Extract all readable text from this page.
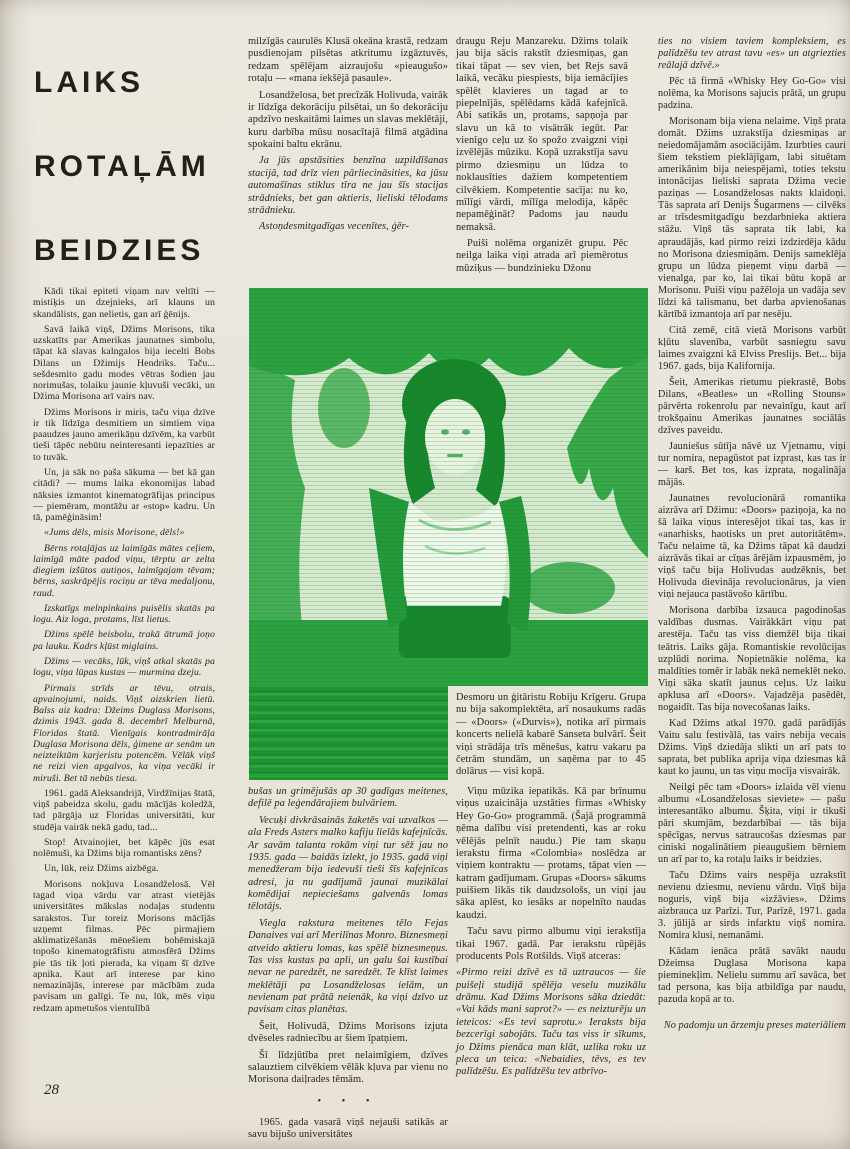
LAIKS
ROTAĻĀM
BEIDZIES

Kādi tikai epiteti viņam nav veltīti — mistiķis un dzejnieks, arī klauns un skandālists, gan nelietis, gan arī ģēnijs.

Savā laikā viņš, Džims Morisons, tika uzskatīts par Amerikas jaunatnes simbolu, tāpat kā slavas kalngalos bija iecelti Bobs Dilans un Džimijs Hendriks. Taču... sešdesmito gadu modes vētras šodien jau norimušas, tolaiku jaunie kļuvuši vecāki, un Džima Morisona arī vairs nav.

Džims Morisons ir miris, taču viņa dzīve ir tik līdzīga desmitiem un simtiem viņa paaudzes jauno amerikāņu dzīvēm, ka varbūt tieši tāpēc nebūtu neinteresanti iepazīties ar to tuvāk.

Un, ja sāk no paša sākuma — bet kā gan citādi? — mums laika ekonomijas labad nāksies izmantot kinematogrāfijas principus — piemēram, montāžu ar «stop» kadru. Un tā, pamēģināsim!

«Jums dēls, misis Morisone, dēls!»

Bērns rotaļājas uz laimīgās mātes ceļiem, laimīgā māte padod viņu, tērptu ar zelta diegiem izšūtos autiņos, laimīgajam tēvam; bērns, saskrāpējis rociņu ar tēva medaljonu, raud.

Izskatīgs melnpinkains puisēlis skatās pa logu. Aiz loga, protams, līst lietus.

Džims spēlē beisbolu, trakā ātrumā joņo pa lauku. Kadrs kļūst miglains.

Džims — vecāks, lūk, viņš atkal skatās pa logu, viņa lūpas kustas — murmina dzeju.

Pirmais strīds ar tēvu, otrais, apvainojumi, naids. Viņš aizskrien lietū. Balss aiz kadra: Džeims Duglass Morisons, dzimis 1943. gada 8. decembrī Melburnā, Floridas štatā. Vienīgais kontradmirāļa Duglasa Morisona dēls, ģimene ar senām un neizteiktām karjeristu potencēm. Vēlāk viņš ne reizi vien apgalvos, ka viņa vecāki ir miruši. Bet tā nebūs tiesa.

1961. gadā Aleksandrijā, Virdžīnijas štatā, viņš pabeidza skolu, gadu mācījās koledžā, tad pārgāja uz Floridas universitāti, kur studēja vairāk nekā gadu, tad...

Stop! Atvainojiet, bet kāpēc jūs esat nolēmuši, ka Džims bija romantisks zēns?

Un, lūk, reiz Džims aizbēga.

Morisons nokļuva Losandželosā. Vēl tagad viņa vārdu var atrast vietējās universitātes mākslas nodaļas studentu sarakstos. Tur toreiz Morisons mācījās uzņemt filmas. Pēc pirmajiem aklimatizēšanās mēnešiem bohēmiskajā topošo kinematogrāfistu atmosfērā Džims pie tās tik ļoti pierada, ka viņam šī dzīve apnika. Kaut arī interese par kino nemazinājās, interese par mācībām zuda pavisam un galīgi. Te nu, lūk, mēs viņu redzam apmetušos vientulībā

milzīgās caurulēs Klusā okeāna krastā, redzam pusdienojam pilsētas atkritumu izgāztuvēs, redzam spēlējam aizraujošu «pieaugušo» rotaļu — «mana iekšējā pasaule».

Losandželosa, bet precīzāk Holivuda, vairāk ir līdzīga dekorāciju pilsētai, un šo dekorāciju apdzīvo neskaitāmi laimes un slavas meklētāji, kuru darbība mūsu nosacītajā filmā atgādina spokaini baltu ekrānu.

Ja jūs apstāsities benzīna uzpildīšanas stacijā, tad drīz vien pārliecināsities, ka jūsu automašīnas stiklus tīra ne jau šīs stacijas strādnieks, bet gan aktieris, lieliski tēlodams strādnieku.

Astoņdesmitgadīgas vecenītes, ģēr-

draugu Reju Manzareku. Džims tolaik jau bija sācis rakstīt dziesmiņas, gan tikai tāpat — sev vien, bet Rejs savā laikā, vecāku piespiests, bija iemācījies spēlēt klavieres un tagad ar to piepelnījās, spēlēdams kādā kafejnīcā. Abi satikās un, protams, sapņoja par slavu un kā to visātrāk iegūt. Par vienīgo ceļu uz šo spožo zvaigzni viņi izvēlējās mūziku. Kopā uzrakstīja savu pirmo dziesmiņu un lūdza to noklausīties dažiem kompetentiem cilvēkiem. Kompetentie sacīja: nu ko, mīlīgi vārdi, mīlīga melodija, kāpēc nepamēģināt? Padoms jau naudu nemaksā.

Puiši nolēma organizēt grupu. Pēc neilga laika viņi atrada arī piemērotus mūziķus — bundzinieku Džonu

ties no visiem taviem kompleksiem, es palīdzēšu tev atrast tavu «es» un atgriezties reālajā dzīvē.»

Pēc tā firmā «Whisky Hey Go-Go» visi nolēma, ka Morisons sajucis prātā, un grupu padzina.

Morisonam bija viena nelaime. Viņš prata domāt. Džims uzrakstīja dziesmiņas ar neiedomājamām asociācijām. Izurbties cauri šiem tekstiem pieklājīgam, labi situētam amerikānim bija neiespējami, toties tekstu intonācijas lieliski saprata Džima vecie paziņas — Losandželosas nakts klaidoņi. Tās saprata arī Denijs Šugarmens — cilvēks ar trīsdesmitgadīgu bezdarbnieka aktiera stāžu. Viņš tās saprata tik labi, ka apraudājās, kad pirmo reizi izdzirdēja kādu no Morisona dziesmiņām. Denijs sameklēja grupu un lūdza pieņemt viņu darbā — vienalga, par ko, lai tikai būtu kopā ar Morisonu. Puiši viņu pažēloja un vadāja sev līdzi kā talismanu, bet darba apvienošanas kārtībā izmantoja arī par nesēju.

Citā zemē, citā vietā Morisons varbūt kļūtu slavenība, varbūt sasniegtu savu laimes zvaigzni kā Elviss Preslijs. Bet... bija 1967. gads, bija Kalifornija.

Šeit, Amerikas rietumu piekrastē, Bobs Dilans, «Beatles» un «Rolling Stouns» pārvērta rokenrolu par nevainīgu, kaut arī trokšņainu Amerikas jaunatnes sociālās dzīves paveidu.

Jauniešus sūtīja nāvē uz Vjetnamu, viņi tur nomira, nepagūstot pat izprast, kas tas ir — karš. Bet tos, kas izprata, nogalināja mājās.

Jaunatnes revolucionārā romantika aizrāva arī Džimu: «Doors» paziņoja, ka no šā laika viņus interesējot tikai tas, kas ir «anarhisks, haotisks un pret autoritātēm». Taču nelaime tā, ka Džims tāpat kā daudzi aizrāvās tikai ar cīņas ārējām izpausmēm, jo viņš taču bija Holivudas audzēknis, bet Holivuda dievināja revolucionārus, ja vien viņi nejauca pastāvošo kārtību.

Morisona darbība izsauca pagodinošas valdības dusmas. Vairākkārt viņu pat arestēja. Taču tas viss diemžēl bija tikai teātris. Laiks gāja. Romantiskie revolūcijas uzplūdi norima. Nopietnākie nolēma, ka maldīties tomēr ir labāk nekā nemeklēt neko. Viņi sāka skatīt jaunus ceļus. Uz laiku apklusa arī «Doors». Vajadzēja pasēdēt, nogaidīt. Tas bija novecošanas laiks.

Kad Džims atkal 1970. gadā parādījās Vaitu salu festivālā, tas vairs nebija vecais Džims. Viņš dziedāja slikti un arī pats to saprata, bet publika aprija viņa dziesmas kā kaut ko jaunu, un tas viņu mocīja visvairāk.

Neilgi pēc tam «Doors» izlaida vēl vienu albumu «Losandželosas sieviete» — pašu interesantāko albumu. Šķita, viņi ir tikuši pāri skumjām, bezdarbībai — tās bija spēcīgas, nervus satraucošas dziesmas par ciniski nogalinātiem pieaugušiem bērniem un arī par to, ka rotaļu laiks ir beidzies.

Taču Džims vairs nespēja uzrakstīt nevienu dziesmu, nevienu vārdu. Viņš bija noguris, viņš bija «izžāvies». Džims aizbrauca uz Parīzi. Tur, Parīzē, 1971. gada 3. jūlijā ar sirds infarktu viņš nomira. Nomira klusi, nemanāmi.

Kādam ienāca prātā savākt naudu Džeimsa Duglasa Morisona kapa pieminekļim. Nelielu summu arī savāca, bet tad persona, kas bija atbildīga par naudu, pazuda kopā ar to.

No padomju un ārzemju preses materiāliem

Desmoru un ģitāristu Robiju Krīgeru. Grupa nu bija sakomplektēta, arī nosaukums radās — «Doors» («Durvis»), notika arī pirmais koncerts nelielā kabarē Sanseta bulvārī. Šeit viņi strādāja trīs mēnešus, katru vakaru pa četrām stundām, un saņēma par to 45 dolārus — visi kopā.

bušas un grimējušās ap 30 gadīgas meitenes, defilē pa leģendārajiem bulvāriem.

Vecuķi divkrāsainās žaketēs vai uzvalkos — ala Freds Asters malko kafiju lielās kafejnīcās. Ar savām talanta rokām viņi tur sēž jau no 1935. gada — baidās izlekt, jo 1935. gadā viņi menedžeram bija iedevuši tieši šīs kafejnīcas adresi, ja nu gadījumā jaunai muzikālai komēdijai nepieciešams galvenās lomas tēlotājs.

Viegla rakstura meitenes tēlo Fejas Danaives vai arī Merilīnas Monro. Biznesmeņi atveido aktieru lomas, kas spēlē biznesmeņus. Tas viss kustas pa apli, un galu šai kustībai nevar ne paredzēt, ne saredzēt. Te klīst laimes meklētāji pa Losandželosas ielām, un nevienam pat prātā neienāk, ka viņi dzīvo uz pavisam citas planētas.

Šeit, Holivudā, Džims Morisons izjuta dvēseles radniecību ar šiem īpatņiem.

Šī līdzjūtība pret nelaimīgiem, dzīves salauztiem cilvēkiem vēlāk kļuva par vienu no Morisona daiļrades tēmām.

• • •

1965. gada vasarā viņš nejauši satikās ar savu bijušo universitātes

Viņu mūzika iepatikās. Kā par brīnumu viņus uzaicināja uzstāties firmas «Whisky Hey Go-Go» programmā. (Šajā programmā ņēma dalību visi pretendenti, kas ar roku vēlējās pelnīt naudu.) Pie tam skaņu ierakstu firma «Colombia» noslēdza ar viņiem kontraktu — protams, tāpat vien — katram gadījumam. Grupas «Doors» sākums puišiem likās tik daudzsološs, un viņi jau sāka aplēst, ko iesāks ar nopelnīto naudas kaudzi.

Taču savu pirmo albumu viņi ierakstīja tikai 1967. gadā. Par ierakstu rūpējās producents Pols Rotšilds. Viņš atceras:

«Pirmo reizi dzīvē es tā uztraucos — šie puišeļi studijā spēlēja veselu muzikālu drāmu. Kad Džims Morisons sāka dziedāt: «Vai kāds mani saprot?» — es neizturēju un ieteicos: «Es tevi saprotu.» Ieraksts bija bezcerīgi sabojāts. Taču tas viss ir sīkums, jo Džims pienāca man klāt, uzlika roku uz pleca un teica: «Nebaidies, tēvs, es tev palīdzēšu. Es palīdzēšu tev atbrīvo-

28
